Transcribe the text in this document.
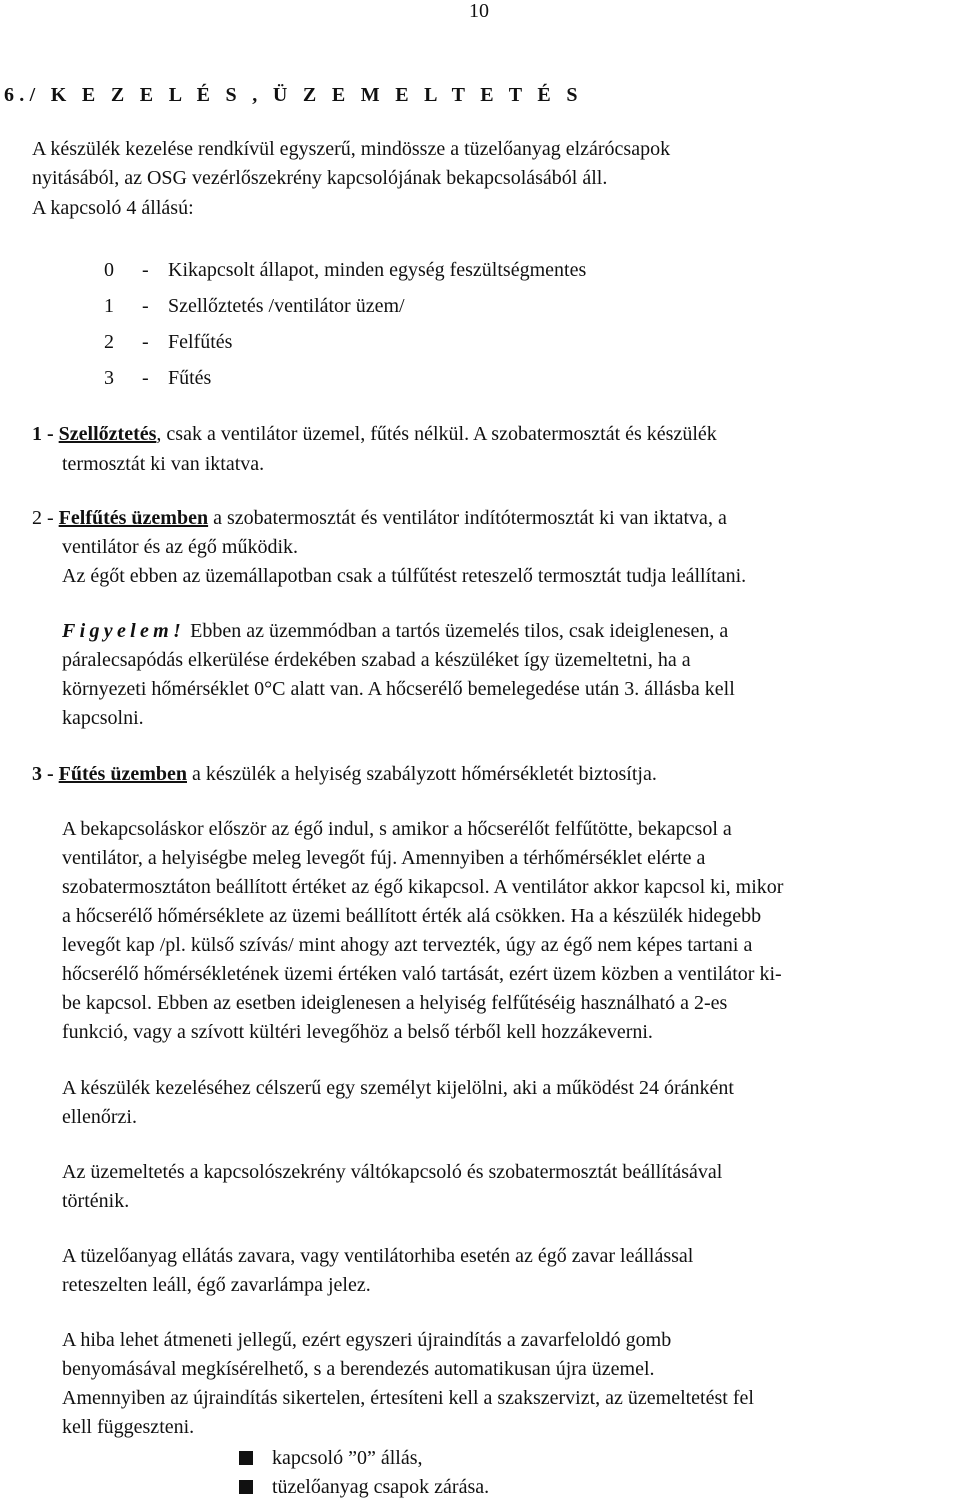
10
6./ K E Z E L É S , Ü Z E M E L T E T É S
A készülék kezelése rendkívül egyszerű, mindössze a tüzelőanyag elzárócsapok
nyitásából, az OSG vezérlőszekrény kapcsolójának bekapcsolásából áll.
A kapcsoló 4 állású:
0 - Kikapcsolt állapot, minden egység feszültségmentes
1 - Szellőztetés /ventilátor üzem/
2 - Felfűtés
3 - Fűtés
1 - Szellőztetés, csak a ventilátor üzemel, fűtés nélkül. A szobatermosztát és készülék
termosztát ki van iktatva.
2 - Felfűtés üzemben a szobatermosztát és ventilátor indítótermosztát ki van iktatva, a
ventilátor és az égő működik.
Az égőt ebben az üzemállapotban csak a túlfűtést reteszelő termosztát tudja leállítani.
Figyelem! Ebben az üzemmódban a tartós üzemelés tilos, csak ideiglenesen, a
páralecsapódás elkerülése érdekében szabad a készüléket így üzemeltetni, ha a
környezeti hőmérséklet 0°C alatt van. A hőcserélő bemelegedése után 3. állásba kell
kapcsolni.
3 - Fűtés üzemben a készülék a helyiség szabályzott hőmérsékletét biztosítja.
A bekapcsoláskor először az égő indul, s amikor a hőcserélőt felfűtötte, bekapcsol a
ventilátor, a helyiségbe meleg levegőt fúj. Amennyiben a térhőmérséklet elérte a
szobatermosztáton beállított értéket az égő kikapcsol. A ventilátor akkor kapcsol ki, mikor
a hőcserélő hőmérséklete az üzemi beállított érték alá csökken. Ha a készülék hidegebb
levegőt kap /pl. külső szívás/ mint ahogy azt tervezték, úgy az égő nem képes tartani a
hőcserélő hőmérsékletének üzemi értéken való tartását, ezért üzem közben a ventilátor ki-
be kapcsol. Ebben az esetben ideiglenesen a helyiség felfűtéséig használható a 2-es
funkció, vagy a szívott kültéri levegőhöz a belső térből kell hozzákeverni.
A készülék kezeléséhez célszerű egy személyt kijelölni, aki a működést 24 óránként
ellenőrzi.
Az üzemeltetés a kapcsolószekrény váltókapcsoló és szobatermosztát beállításával
történik.
A tüzelőanyag ellátás zavara, vagy ventilátorhiba esetén az égő zavar leállással
reteszelten leáll, égő zavarlámpa jelez.
A hiba lehet átmeneti jellegű, ezért egyszeri újraindítás a zavarfeloldó gomb
benyomásával megkísérelhető, s a berendezés automatikusan újra üzemel.
Amennyiben az újraindítás sikertelen, értesíteni kell a szakszervizt, az üzemeltetést fel
kell függeszteni.
kapcsoló ”0” állás,
tüzelőanyag csapok zárása.
